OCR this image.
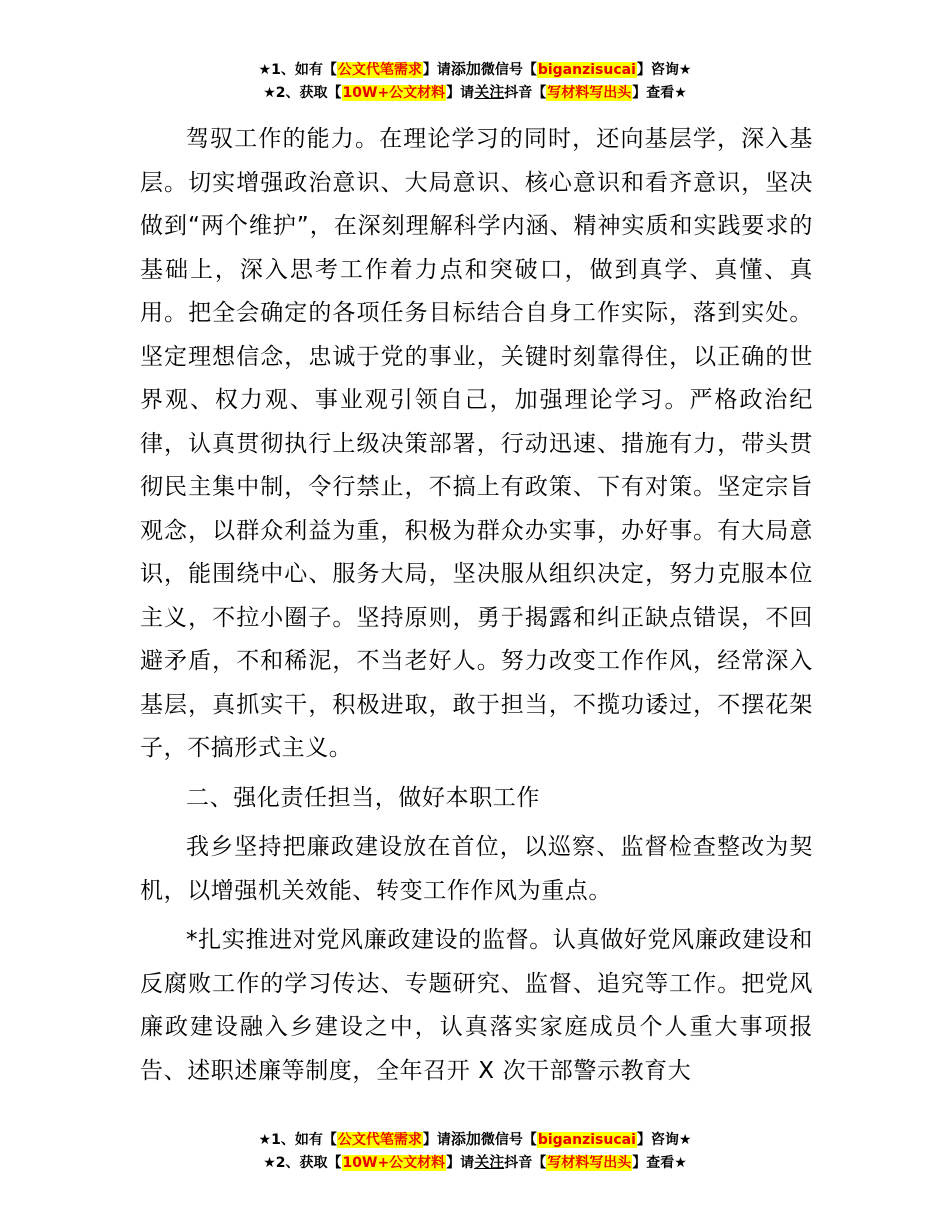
★1、如有【公文代笔需求】请添加微信号【biganzisucai】咨询★
★2、获取【10W+公文材料】请关注抖音【写材料写出头】查看★

驾驭工作的能力。在理论学习的同时，还向基层学，深入基层。切实增强政治意识、大局意识、核心意识和看齐意识，坚决做到“两个维护”，在深刻理解科学内涵、精神实质和实践要求的基础上，深入思考工作着力点和突破口，做到真学、真懂、真用。把全会确定的各项任务目标结合自身工作实际，落到实处。坚定理想信念，忠诚于党的事业，关键时刻靠得住，以正确的世界观、权力观、事业观引领自己，加强理论学习。严格政治纪律，认真贯彻执行上级决策部署，行动迅速、措施有力，带头贯彻民主集中制，令行禁止，不搞上有政策、下有对策。坚定宗旨观念，以群众利益为重，积极为群众办实事，办好事。有大局意识，能围绕中心、服务大局，坚决服从组织决定，努力克服本位主义，不拉小圈子。坚持原则，勇于揭露和纠正缺点错误，不回避矛盾，不和稀泥，不当老好人。努力改变工作作风，经常深入基层，真抓实干，积极进取，敢于担当，不揽功诿过，不摆花架子，不搞形式主义。

二、强化责任担当，做好本职工作

我乡坚持把廉政建设放在首位，以巡察、监督检查整改为契机，以增强机关效能、转变工作作风为重点。

*扎实推进对党风廉政建设的监督。认真做好党风廉政建设和反腐败工作的学习传达、专题研究、监督、追究等工作。把党风廉政建设融入乡建设之中，认真落实家庭成员个人重大事项报告、述职述廉等制度，全年召开 X 次干部警示教育大

★1、如有【公文代笔需求】请添加微信号【biganzisucai】咨询★
★2、获取【10W+公文材料】请关注抖音【写材料写出头】查看★
